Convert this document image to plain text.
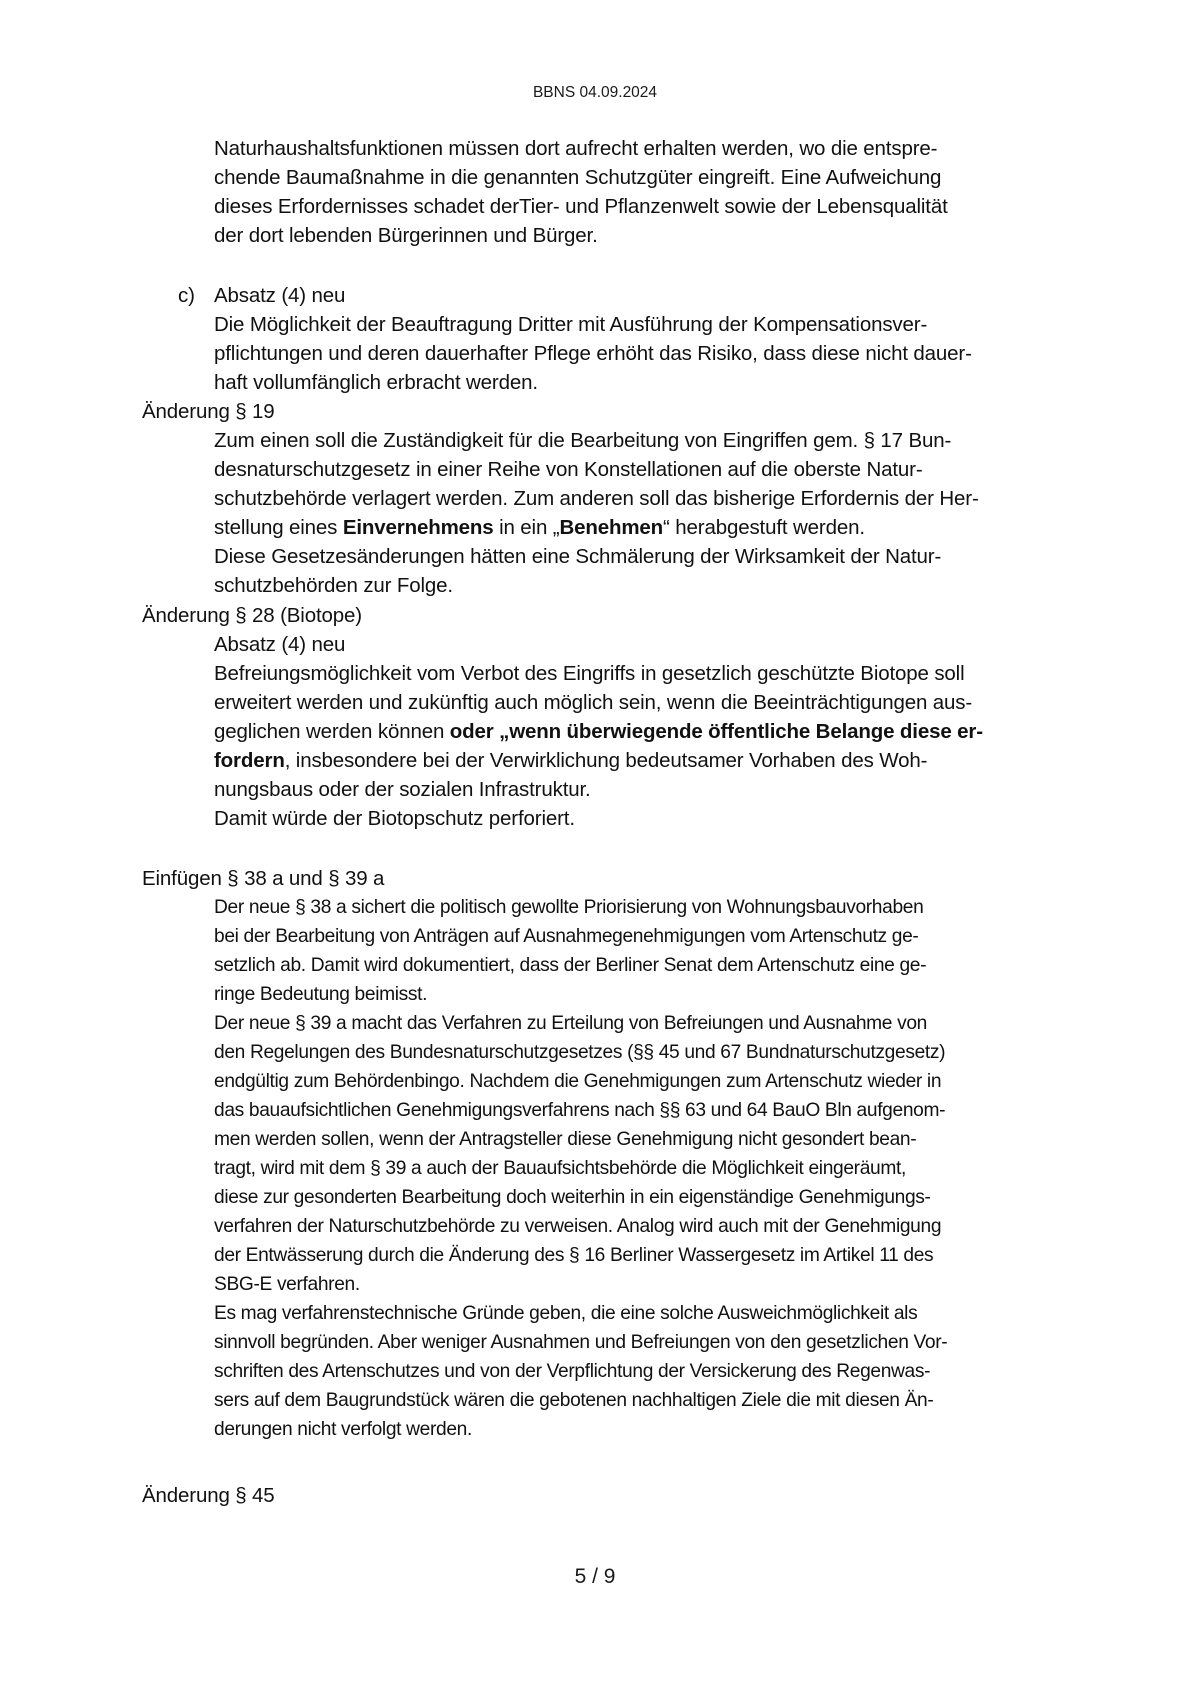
BBNS 04.09.2024
Naturhaushaltsfunktionen müssen dort aufrecht erhalten werden, wo die entspre-
chende Baumaßnahme in die genannten Schutzgüter eingreift. Eine Aufweichung
dieses Erfordernisses schadet derTier- und Pflanzenwelt sowie der Lebensqualität
der dort lebenden Bürgerinnen und Bürger.
c) Absatz (4) neu
Die Möglichkeit der Beauftragung Dritter mit Ausführung der Kompensationsver-
pflichtungen und deren dauerhafter Pflege erhöht das Risiko, dass diese nicht dauer-
haft vollumfänglich erbracht werden.
Änderung § 19
Zum einen soll die Zuständigkeit für die Bearbeitung von Eingriffen gem. § 17 Bun-
desnaturschutzgesetz in einer Reihe von Konstellationen auf die oberste Natur-
schutzbehörde verlagert werden. Zum anderen soll das bisherige Erfordernis der Her-
stellung eines Einvernehmens in ein „Benehmen“ herabgestuft werden.
Diese Gesetzesänderungen hätten eine Schmälerung der Wirksamkeit der Natur-
schutzbehörden zur Folge.
Änderung § 28 (Biotope)
Absatz (4) neu
Befreiungsmöglichkeit vom Verbot des Eingriffs in gesetzlich geschützte Biotope soll
erweitert werden und zukünftig auch möglich sein, wenn die Beeinträchtigungen aus-
geglichen werden können oder „wenn überwiegende öffentliche Belange diese er-
fordern, insbesondere bei der Verwirklichung bedeutsamer Vorhaben des Woh-
nungsbaus oder der sozialen Infrastruktur.
Damit würde der Biotopschutz perforiert.
Einfügen § 38 a und § 39 a
Der neue § 38 a sichert die politisch gewollte Priorisierung von Wohnungsbauvorhaben
bei der Bearbeitung von Anträgen auf Ausnahmegenehmigungen vom Artenschutz ge-
setzlich ab. Damit wird dokumentiert, dass der Berliner Senat dem Artenschutz eine ge-
ringe Bedeutung beimisst.
Der neue § 39 a macht das Verfahren zu Erteilung von Befreiungen und Ausnahme von
den Regelungen des Bundesnaturschutzgesetzes (§§ 45 und 67 Bundnaturschutzgesetz)
endgültig zum Behördenbingo. Nachdem die Genehmigungen zum Artenschutz wieder in
das bauaufsichtlichen Genehmigungsverfahrens nach §§ 63 und 64 BauO Bln aufgenom-
men werden sollen, wenn der Antragsteller diese Genehmigung nicht gesondert bean-
tragt, wird mit dem § 39 a auch der Bauaufsichtsbehörde die Möglichkeit eingeräumt,
diese zur gesonderten Bearbeitung doch weiterhin in ein eigenständige Genehmigungs-
verfahren der Naturschutzbehörde zu verweisen. Analog wird auch mit der Genehmigung
der Entwässerung durch die Änderung des § 16 Berliner Wassergesetz im Artikel 11 des
SBG-E verfahren.
Es mag verfahrenstechnische Gründe geben, die eine solche Ausweichmöglichkeit als
sinnvoll begründen. Aber weniger Ausnahmen und Befreiungen von den gesetzlichen Vor-
schriften des Artenschutzes und von der Verpflichtung der Versickerung des Regenwas-
sers auf dem Baugrundstück wären die gebotenen nachhaltigen Ziele die mit diesen Än-
derungen nicht verfolgt werden.
Änderung § 45
5 / 9
